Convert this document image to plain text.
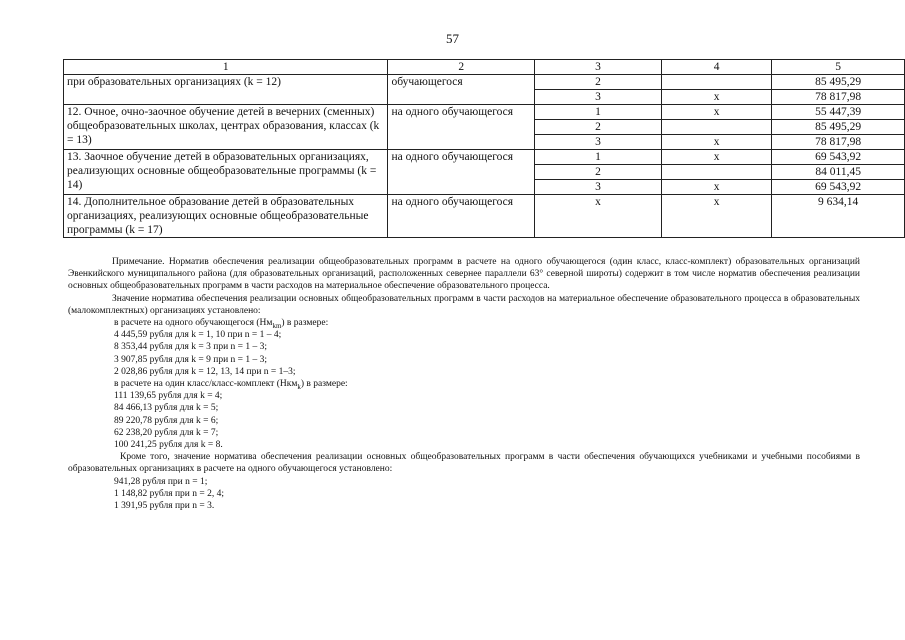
57
1	2	3	4	5
при образовательных организациях (k = 12)	обучающегося	2		85 495,29
		3	x	78 817,98
12. Очное, очно-заочное обучение детей в вечерних (сменных) общеобразовательных школах, центрах образования, классах (k = 13)	на одного обучающегося	1	x	55 447,39
		2		85 495,29
		3	x	78 817,98
13. Заочное обучение детей в образовательных организациях, реализующих основные общеобразовательные программы (k = 14)	на одного обучающегося	1	x	69 543,92
		2		84 011,45
		3	x	69 543,92
14. Дополнительное образование детей в образовательных организациях, реализующих основные общеобразовательные программы (k = 17)	на одного обучающегося	x	x	9 634,14

Примечание. Норматив обеспечения реализации общеобразовательных программ в расчете на одного обучающегося (один класс, класс-комплект) образовательных организаций Эвенкийского муниципального района (для образовательных организаций, расположенных севернее параллели 63° северной широты) содержит в том числе норматив обеспечения реализации основных общеобразовательных программ в части расходов на материальное обеспечение образовательного процесса.

Значение норматива обеспечения реализации основных общеобразовательных программ в части расходов на материальное обеспечение образовательного процесса в образовательных (малокомплектных) организациях установлено:

в расчете на одного обучающегося $(Нм_{km})$ в размере:

4 445,59 рубля для k = 1, 10 при n = 1 – 4;

8 353,44 рубля для k = 3 при n = 1 – 3;

3 907,85 рубля для k = 9 при n = 1 – 3;

2 028,86 рубля для k = 12, 13, 14 при n = 1–3;

в расчете на один класс/класс-комплект (Нкм$_k$) в размере:

111 139,65 рубля для k = 4;

84 466,13 рубля для k = 5;

89 220,78 рубля для k = 6;

62 238,20 рубля для k = 7;

100 241,25 рубля для k = 8.

Кроме того, значение норматива обеспечения реализации основных общеобразовательных программ в части обеспечения обучающихся учебниками и учебными пособиями в образовательных организациях в расчете на одного обучающегося установлено:

941,28 рубля при n = 1;

1 148,82 рубля при n = 2, 4;

1 391,95 рубля при n = 3.
